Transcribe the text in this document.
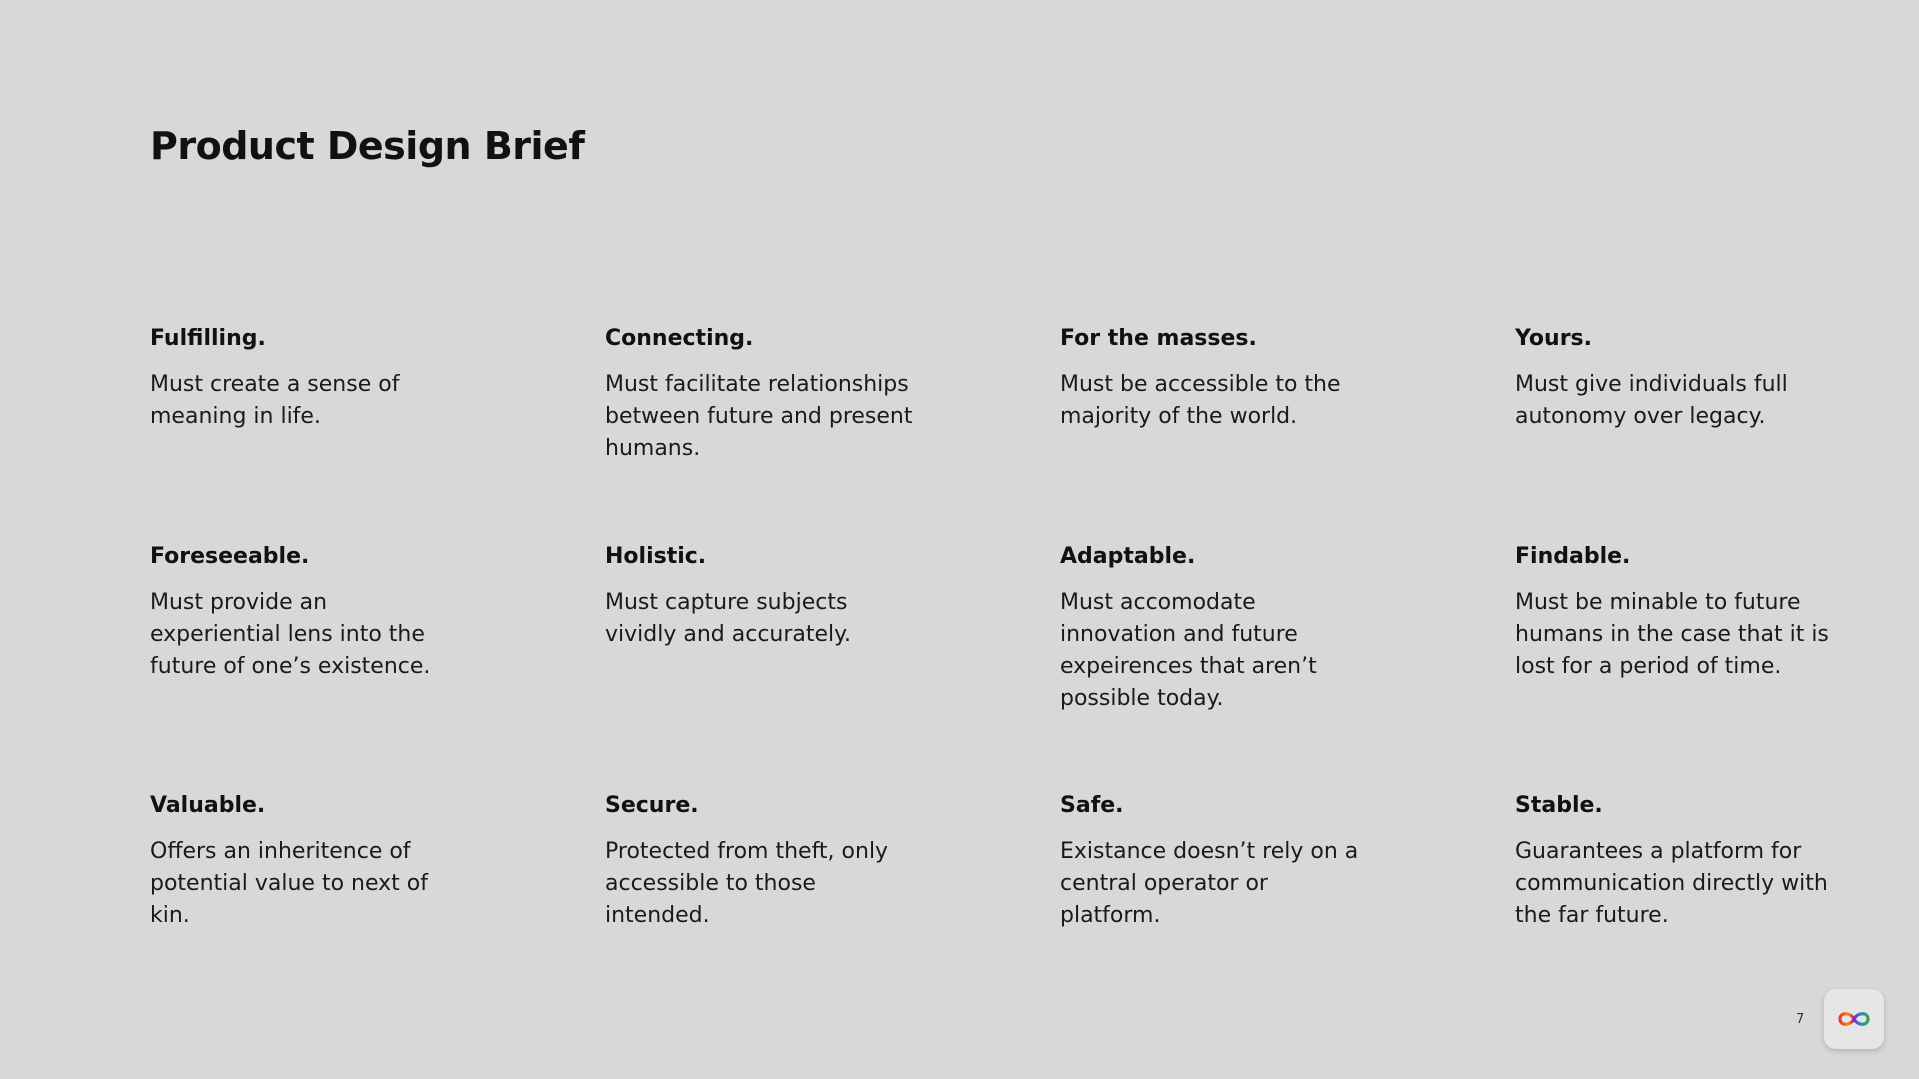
Product Design Brief

Fulfilling.

Must create a sense of meaning in life.

Connecting.

Must facilitate relationships between future and present humans.

For the masses.

Must be accessible to the majority of the world.

Yours.

Must give individuals full autonomy over legacy.

Foreseeable.

Must provide an experiential lens into the future of one’s existence.

Holistic.

Must capture subjects vividly and accurately.

Adaptable.

Must accomodate innovation and future expeirences that aren’t possible today.

Findable.

Must be minable to future humans in the case that it is lost for a period of time.

Valuable.

Offers an inheritence of potential value to next of kin.

Secure.

Protected from theft, only accessible to those intended.

Safe.

Existance doesn’t rely on a central operator or platform.

Stable.

Guarantees a platform for communication directly with the far future.

7
